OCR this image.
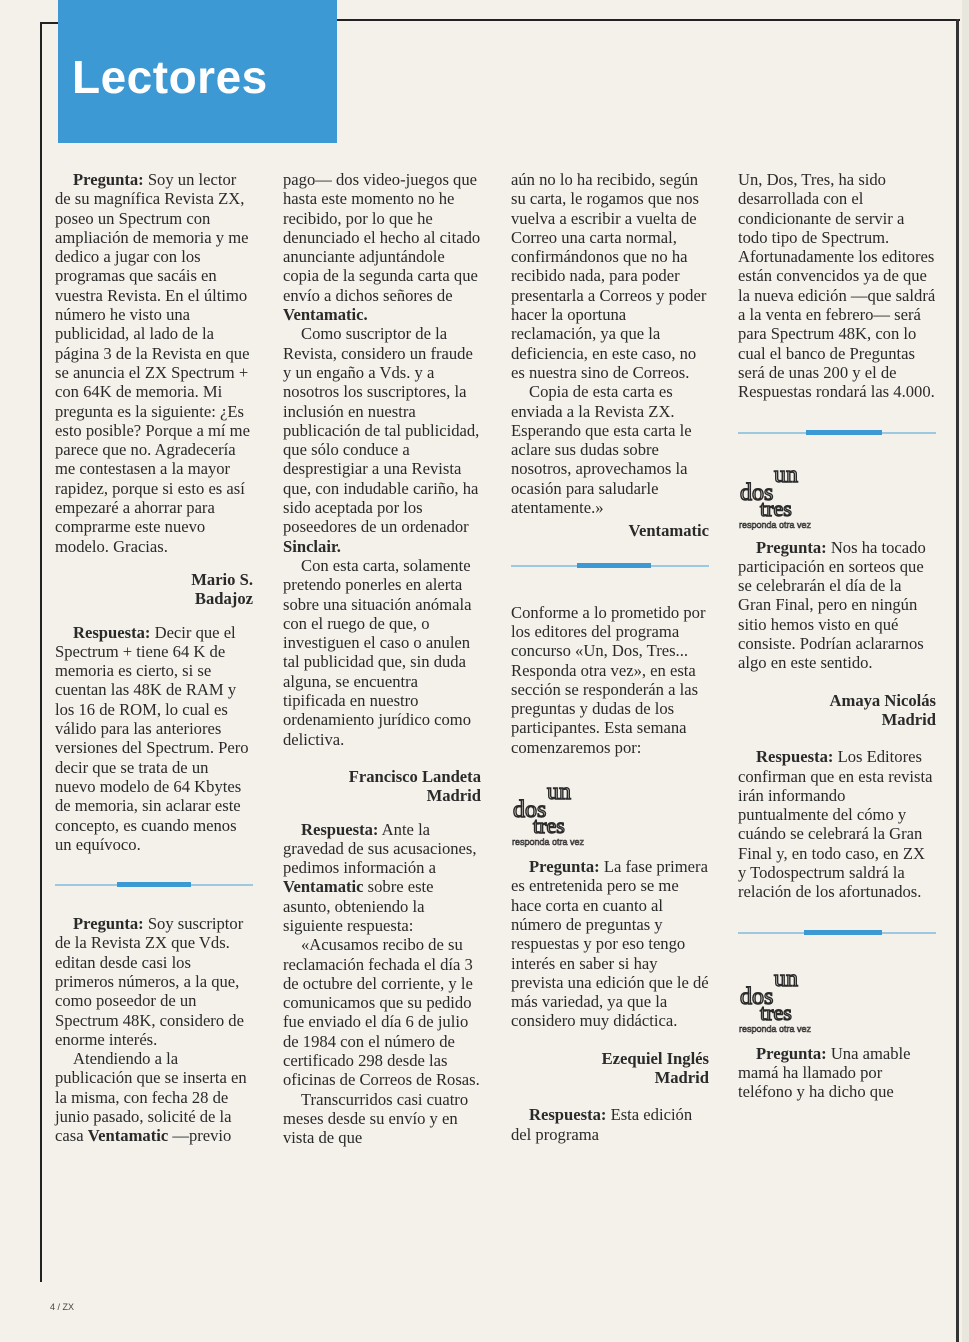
Lectores

Pregunta: Soy un lector de su magnífica Revista ZX, poseo un Spectrum con ampliación de memoria y me dedico a jugar con los programas que sacáis en vuestra Revista. En el último número he visto una publicidad, al lado de la página 3 de la Revista en que se anuncia el ZX Spectrum + con 64K de memoria. Mi pregunta es la siguiente: ¿Es esto posible? Porque a mí me parece que no. Agradecería me contestasen a la mayor rapidez, porque si esto es así empezaré a ahorrar para comprarme este nuevo modelo. Gracias.

Mario S.

Badajoz

Respuesta: Decir que el Spectrum + tiene 64 K de memoria es cierto, si se cuentan las 48K de RAM y los 16 de ROM, lo cual es válido para las anteriores versiones del Spectrum. Pero decir que se trata de un nuevo modelo de 64 Kbytes de memoria, sin aclarar este concepto, es cuando menos un equívoco.

Pregunta: Soy suscriptor de la Revista ZX que Vds. editan desde casi los primeros números, a la que, como poseedor de un Spectrum 48K, considero de enorme interés.

Atendiendo a la publicación que se inserta en la misma, con fecha 28 de junio pasado, solicité de la casa Ventamatic —previo

pago— dos video-juegos que hasta este momento no he recibido, por lo que he denunciado el hecho al citado anunciante adjuntándole copia de la segunda carta que envío a dichos señores de Ventamatic.

Como suscriptor de la Revista, considero un fraude y un engaño a Vds. y a nosotros los suscriptores, la inclusión en nuestra publicación de tal publicidad, que sólo conduce a desprestigiar a una Revista que, con indudable cariño, ha sido aceptada por los poseedores de un ordenador Sinclair.

Con esta carta, solamente pretendo ponerles en alerta sobre una situación anómala con el ruego de que, o investiguen el caso o anulen tal publicidad que, sin duda alguna, se encuentra tipificada en nuestro ordenamiento jurídico como delictiva.

Francisco Landeta

Madrid

Respuesta: Ante la gravedad de sus acusaciones, pedimos información a Ventamatic sobre este asunto, obteniendo la siguiente respuesta:

«Acusamos recibo de su reclamación fechada el día 3 de octubre del corriente, y le comunicamos que su pedido fue enviado el día 6 de julio de 1984 con el número de certificado 298 desde las oficinas de Correos de Rosas.

Transcurridos casi cuatro meses desde su envío y en vista de que

aún no lo ha recibido, según su carta, le rogamos que nos vuelva a escribir a vuelta de Correo una carta normal, confirmándonos que no ha recibido nada, para poder presentarla a Correos y poder hacer la oportuna reclamación, ya que la deficiencia, en este caso, no es nuestra sino de Correos.

Copia de esta carta es enviada a la Revista ZX. Esperando que esta carta le aclare sus dudas sobre nosotros, aprovechamos la ocasión para saludarle atentamente.»

Ventamatic

Conforme a lo prometido por los editores del programa concurso «Un, Dos, Tres... Responda otra vez», en esta sección se responderán a las preguntas y dudas de los participantes. Esta semana comenzaremos por:

un
dos
tres
responda otra vez

Pregunta: La fase primera es entretenida pero se me hace corta en cuanto al número de preguntas y respuestas y por eso tengo interés en saber si hay prevista una edición que le dé más variedad, ya que la considero muy didáctica.

Ezequiel Inglés

Madrid

Respuesta: Esta edición del programa

Un, Dos, Tres, ha sido desarrollada con el condicionante de servir a todo tipo de Spectrum. Afortunadamente los editores están convencidos ya de que la nueva edición —que saldrá a la venta en febrero— será para Spectrum 48K, con lo cual el banco de Preguntas será de unas 200 y el de Respuestas rondará las 4.000.

un
dos
tres
responda otra vez

Pregunta: Nos ha tocado participación en sorteos que se celebrarán el día de la Gran Final, pero en ningún sitio hemos visto en qué consiste. Podrían aclararnos algo en este sentido.

Amaya Nicolás

Madrid

Respuesta: Los Editores confirman que en esta revista irán informando puntualmente del cómo y cuándo se celebrará la Gran Final y, en todo caso, en ZX y Todospectrum saldrá la relación de los afortunados.

un
dos
tres
responda otra vez

Pregunta: Una amable mamá ha llamado por teléfono y ha dicho que

4 / ZX
